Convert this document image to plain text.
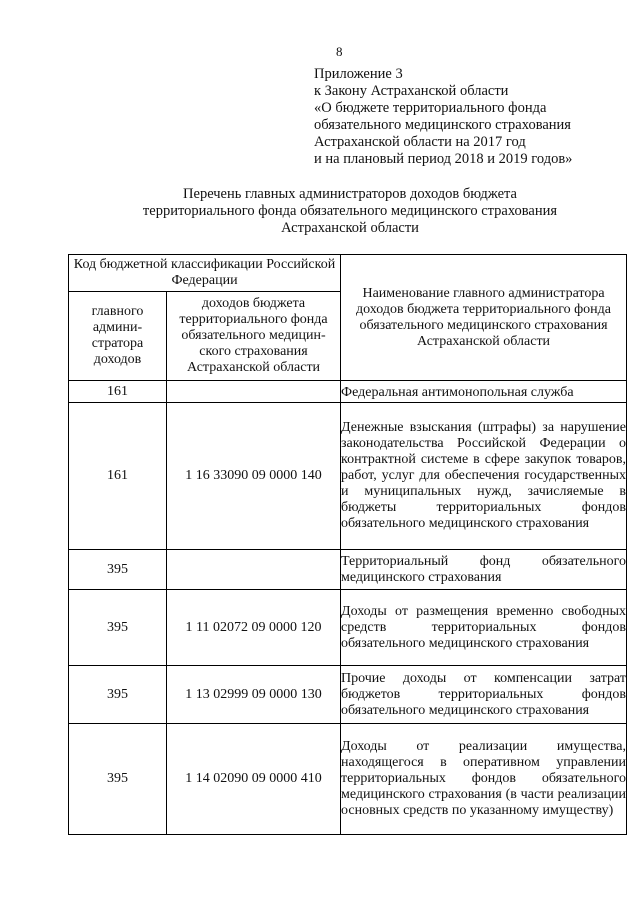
8
Приложение 3
к Закону Астраханской области
«О бюджете территориального фонда
обязательного медицинского страхования
Астраханской области на 2017 год
и на плановый период 2018 и 2019 годов»
Перечень главных администраторов доходов бюджета
территориального фонда обязательного медицинского страхования
Астраханской области
Код бюджетной классификации Российской Федерации		Наименование главного администратора доходов бюджета территориального фонда обязательного медицинского страхования Астраханской области
главного админи-стратора доходов	доходов бюджета территориального фонда обязательного медицин-ского страхования Астраханской области	
161		Федеральная антимонопольная служба
161	1 16 33090 09 0000 140	Денежные взыскания (штрафы) за нарушение законодательства Российской Федерации о контрактной системе в сфере закупок товаров, работ, услуг для обеспечения государственных и муниципальных нужд, зачисляемые в бюджеты территориальных фондов обязательного медицинского страхования
395		Территориальный фонд обязательного медицинского страхования
395	1 11 02072 09 0000 120	Доходы от размещения временно свободных средств территориальных фондов обязательного медицинского страхования
395	1 13 02999 09 0000 130	Прочие доходы от компенсации затрат бюджетов территориальных фондов обязательного медицинского страхования
395	1 14 02090 09 0000 410	Доходы от реализации имущества, находящегося в оперативном управлении территориальных фондов обязательного медицинского страхования (в части реализации основных средств по указанному имуществу)
